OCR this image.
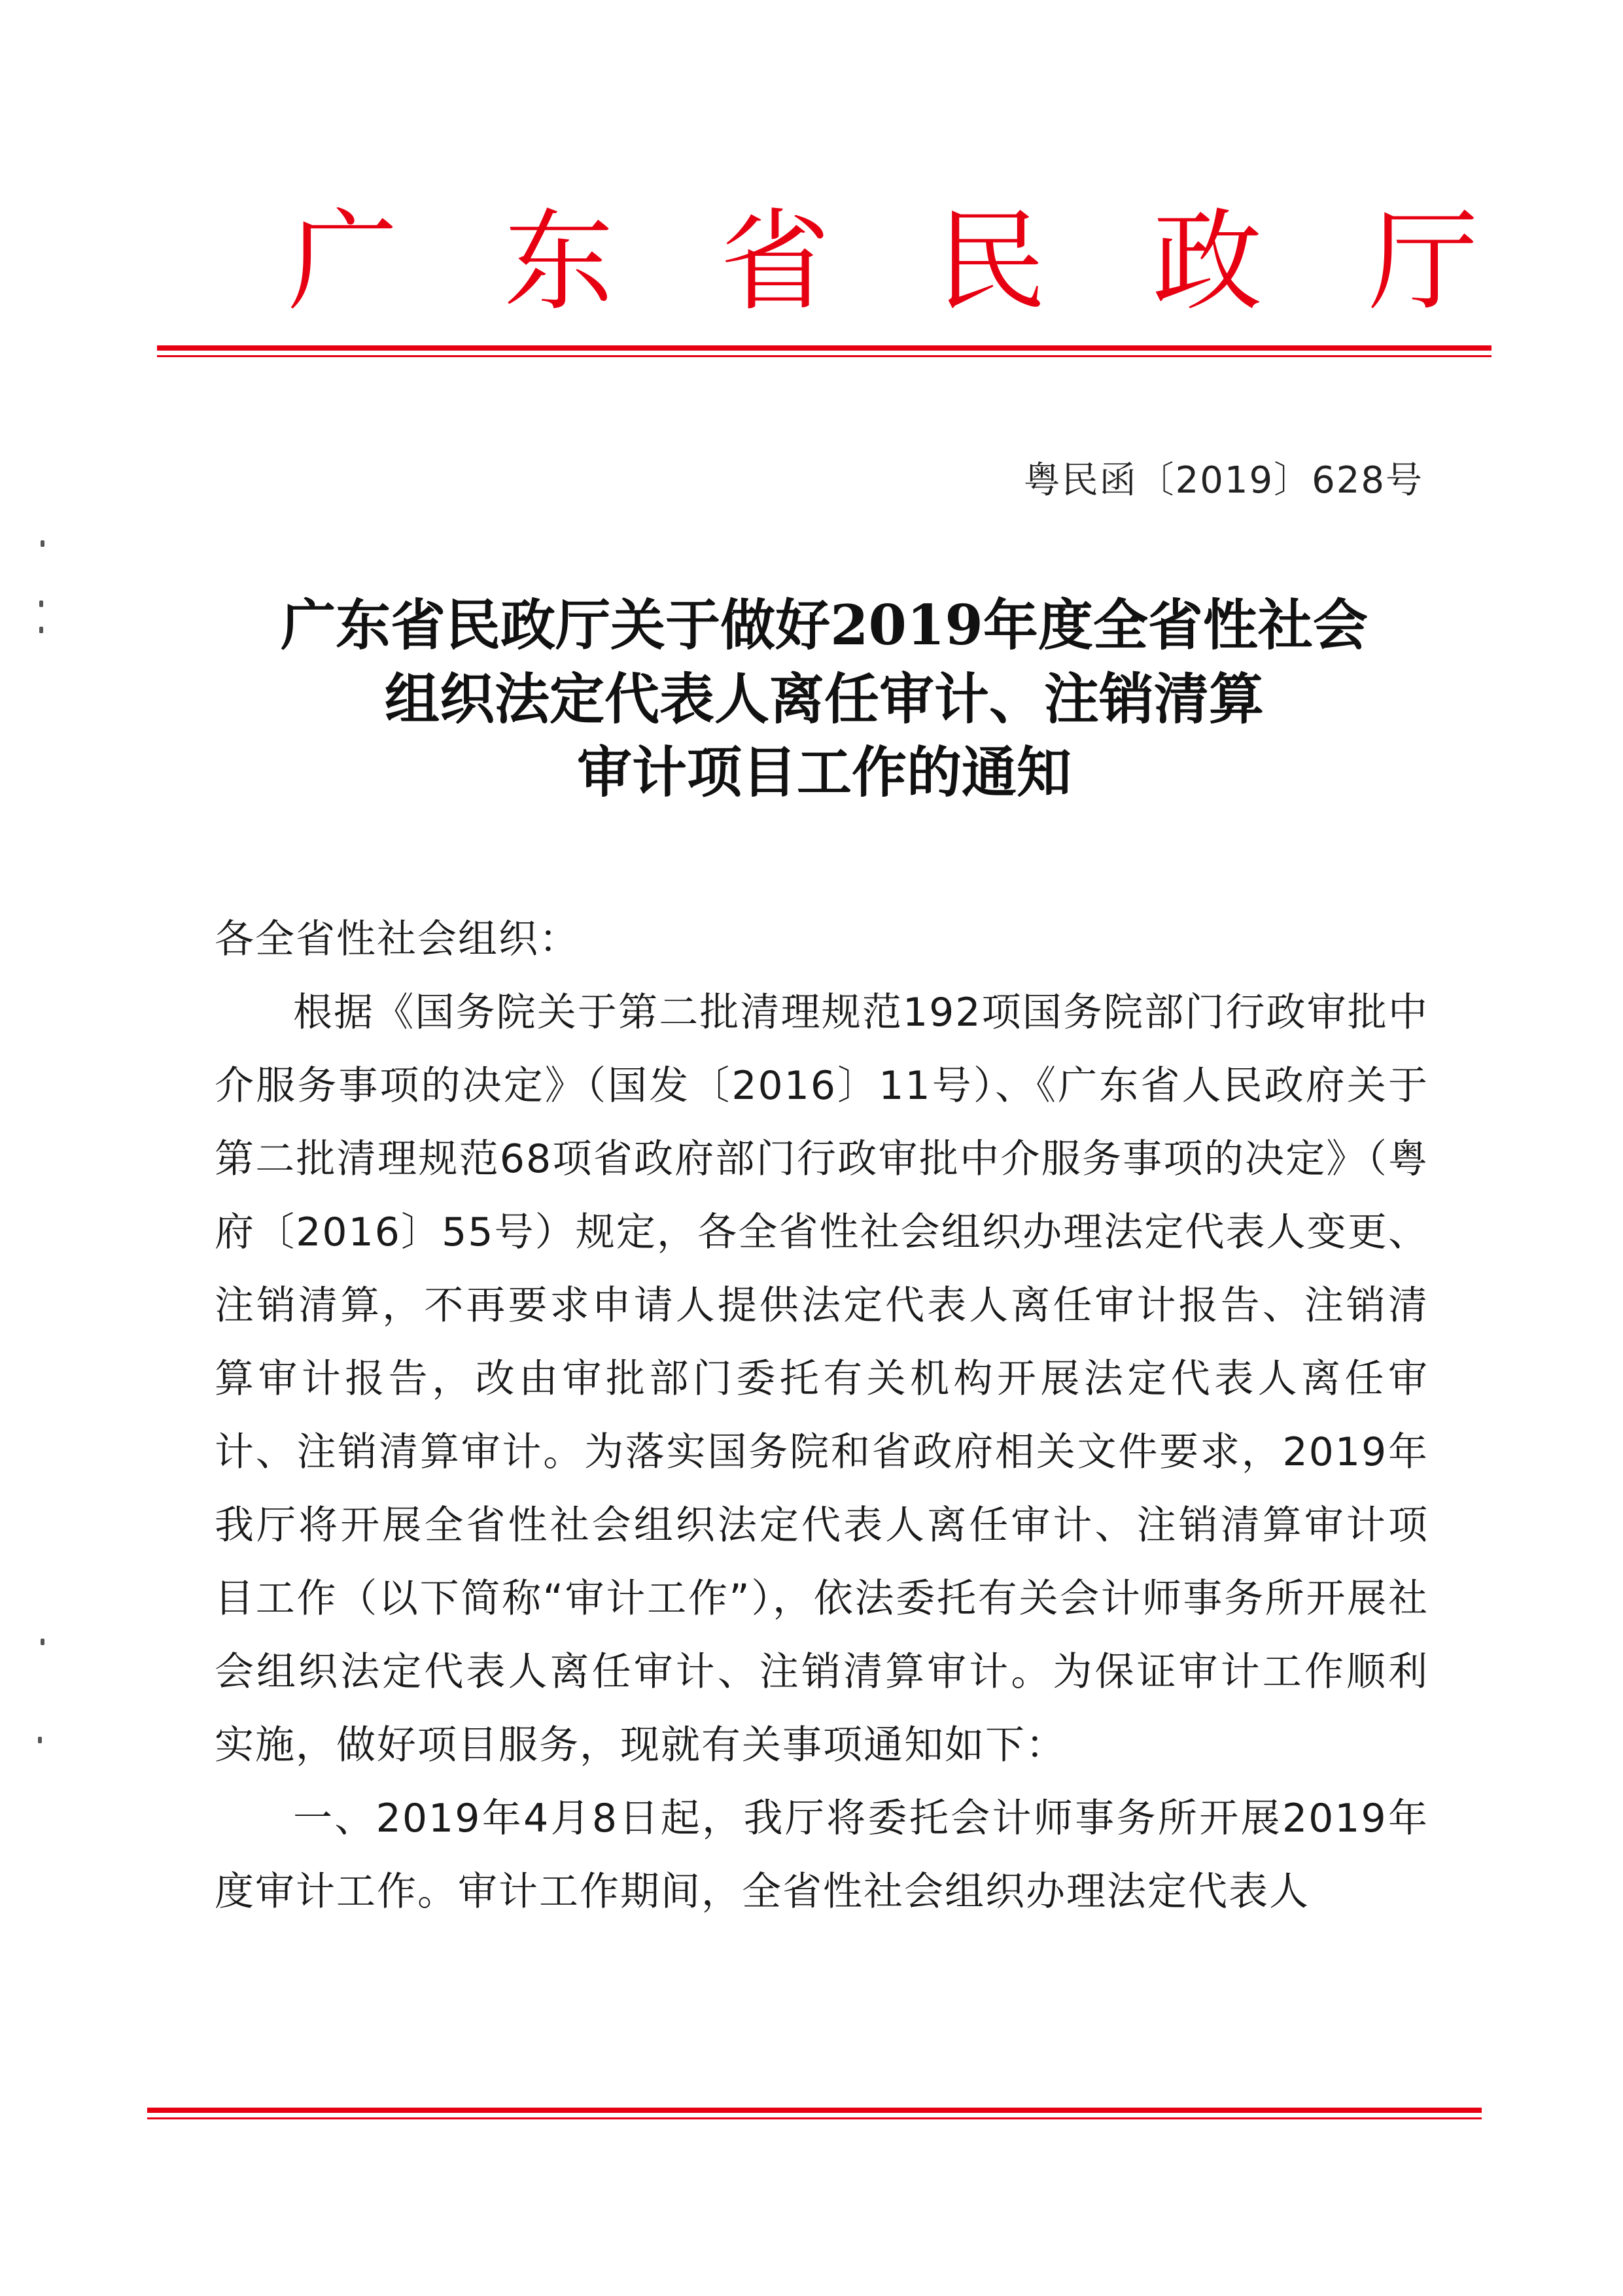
广 东 省 民 政 厅
粤民函〔2019〕628号
广东省民政厅关于做好2019年度全省性社会
组织法定代表人离任审计、注销清算
审计项目工作的通知

各全省性社会组织：

根据《国务院关于第二批清理规范192项国务院部门行政审批中介服务事项的决定》（国发〔2016〕11号）、《广东省人民政府关于第二批清理规范68项省政府部门行政审批中介服务事项的决定》（粤府〔2016〕55号）规定，各全省性社会组织办理法定代表人变更、注销清算，不再要求申请人提供法定代表人离任审计报告、注销清算审计报告，改由审批部门委托有关机构开展法定代表人离任审计、注销清算审计。为落实国务院和省政府相关文件要求，2019年我厅将开展全省性社会组织法定代表人离任审计、注销清算审计项目工作（以下简称“审计工作”），依法委托有关会计师事务所开展社会组织法定代表人离任审计、注销清算审计。为保证审计工作顺利实施，做好项目服务，现就有关事项通知如下：

一、2019年4月8日起，我厅将委托会计师事务所开展2019年度审计工作。审计工作期间，全省性社会组织办理法定代表人
